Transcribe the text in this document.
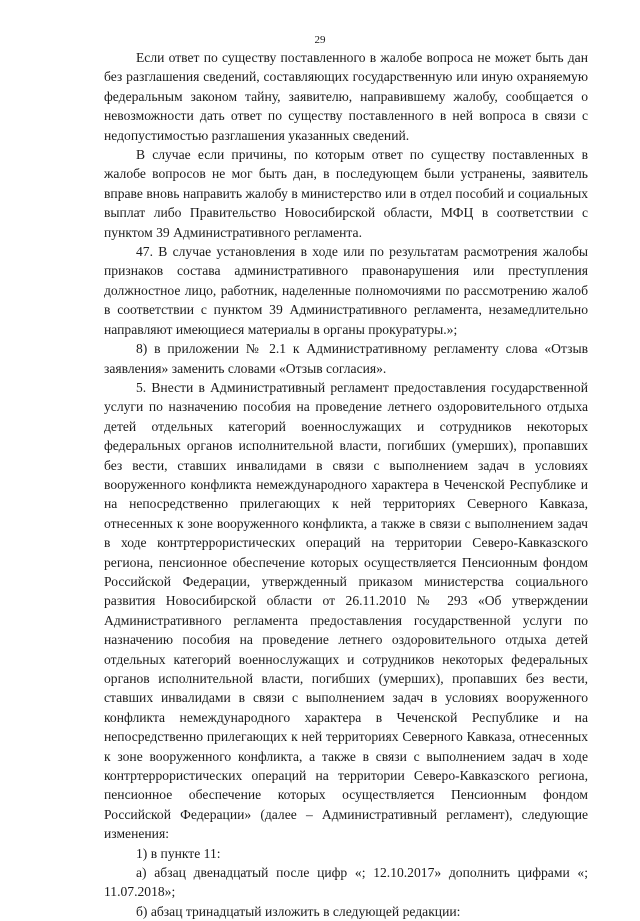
29

Если ответ по существу поставленного в жалобе вопроса не может быть дан без разглашения сведений, составляющих государственную или иную охраняемую федеральным законом тайну, заявителю, направившему жалобу, сообщается о невозможности дать ответ по существу поставленного в ней вопроса в связи с недопустимостью разглашения указанных сведений.

В случае если причины, по которым ответ по существу поставленных в жалобе вопросов не мог быть дан, в последующем были устранены, заявитель вправе вновь направить жалобу в министерство или в отдел пособий и социальных выплат либо Правительство Новосибирской области, МФЦ в соответствии с пунктом 39 Административного регламента.

47. В случае установления в ходе или по результатам расмотрения жалобы признаков состава административного правонарушения или преступления должностное лицо, работник, наделенные полномочиями по рассмотрению жалоб в соответствии с пунктом 39 Административного регламента, незамедлительно направляют имеющиеся материалы в органы прокуратуры.»;

8) в приложении № 2.1 к Административному регламенту слова «Отзыв заявления» заменить словами «Отзыв согласия».

5. Внести в Административный регламент предоставления государственной услуги по назначению пособия на проведение летнего оздоровительного отдыха детей отдельных категорий военнослужащих и сотрудников некоторых федеральных органов исполнительной власти, погибших (умерших), пропавших без вести, ставших инвалидами в связи с выполнением задач в условиях вооруженного конфликта немеждународного характера в Чеченской Республике и на непосредственно прилегающих к ней территориях Северного Кавказа, отнесенных к зоне вооруженного конфликта, а также в связи с выполнением задач в ходе контртеррористических операций на территории Северо-Кавказского региона, пенсионное обеспечение которых осуществляется Пенсионным фондом Российской Федерации, утвержденный приказом министерства социального развития Новосибирской области от 26.11.2010 № 293 «Об утверждении Административного регламента предоставления государственной услуги по назначению пособия на проведение летнего оздоровительного отдыха детей отдельных категорий военнослужащих и сотрудников некоторых федеральных органов исполнительной власти, погибших (умерших), пропавших без вести, ставших инвалидами в связи с выполнением задач в условиях вооруженного конфликта немеждународного характера в Чеченской Республике и на непосредственно прилегающих к ней территориях Северного Кавказа, отнесенных к зоне вооруженного конфликта, а также в связи с выполнением задач в ходе контртеррористических операций на территории Северо-Кавказского региона, пенсионное обеспечение которых осуществляется Пенсионным фондом Российской Федерации» (далее – Административный регламент), следующие изменения:

1) в пункте 11:

а) абзац двенадцатый после цифр «; 12.10.2017» дополнить цифрами «; 11.07.2018»;

б) абзац тринадцатый изложить в следующей редакции:
